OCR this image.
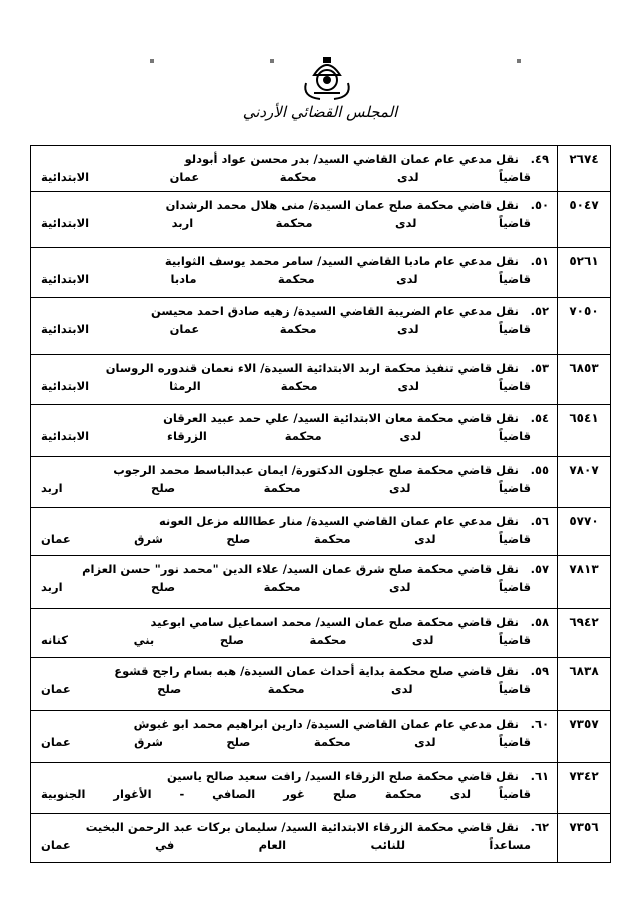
المجلس القضائي الأردني
٢٦٧٤	٤٩.
نقل مدعي عام عمان القاضي السيد/ بدر محسن عواد أبودلو
قاضياً لدى محكمة عمان الابتدائية

٥٠٤٧	٥٠.
نقل قاضي محكمة صلح عمان السيدة/ منى هلال محمد الرشدان
قاضياً لدى محكمة اربد الابتدائية

٥٢٦١	٥١.
نقل مدعي عام مادبا القاضي السيد/ سامر محمد يوسف الثوابية
قاضياً لدى محكمة مادبا الابتدائية

٧٠٥٠	٥٢.
نقل مدعي عام الضريبة القاضي السيدة/ زهيه صادق احمد محيسن
قاضياً لدى محكمة عمان الابتدائية

٦٨٥٣	٥٣.
نقل قاضي تنفيذ محكمة اربد الابتدائية السيدة/ الاء نعمان قندوره الروسان
قاضياً لدى محكمة الرمثا الابتدائية

٦٥٤١	٥٤.
نقل قاضي محكمة معان الابتدائية السيد/ علي حمد عبيد العرقان
قاضياً لدى محكمة الزرقاء الابتدائية

٧٨٠٧	٥٥.
نقل قاضي محكمة صلح عجلون الدكتورة/ ايمان عبدالباسط محمد الرجوب
قاضياً لدى محكمة صلح اربد

٥٧٧٠	٥٦.
نقل مدعي عام عمان القاضي السيدة/ منار عطاالله مزعل العونه
قاضياً لدى محكمة صلح شرق عمان

٧٨١٣	٥٧.
نقل قاضي محكمة صلح شرق عمان السيد/ علاء الدين "محمد نور" حسن العزام
قاضياً لدى محكمة صلح اربد

٦٩٤٢	٥٨.
نقل قاضي محكمة صلح عمان السيد/ محمد اسماعيل سامي ابوعيد
قاضياً لدى محكمة صلح بني كنانه

٦٨٣٨	٥٩.
نقل قاضي صلح محكمة بداية أحداث عمان السيدة/ هبه بسام راجح قشوع
قاضياً لدى محكمة صلح عمان

٧٣٥٧	٦٠.
نقل مدعي عام عمان القاضي السيدة/ دارين ابراهيم محمد ابو غبوش
قاضياً لدى محكمة صلح شرق عمان

٧٣٤٢	٦١.
نقل قاضي محكمة صلح الزرقاء السيد/ رافت سعيد صالح ياسين
قاضياً لدى محكمة صلح غور الصافي - الأغوار الجنوبية

٧٣٥٦	٦٢.
نقل قاضي محكمة الزرقاء الابتدائية السيد/ سليمان بركات عبد الرحمن البخيت
مساعداً للنائب العام في عمان
